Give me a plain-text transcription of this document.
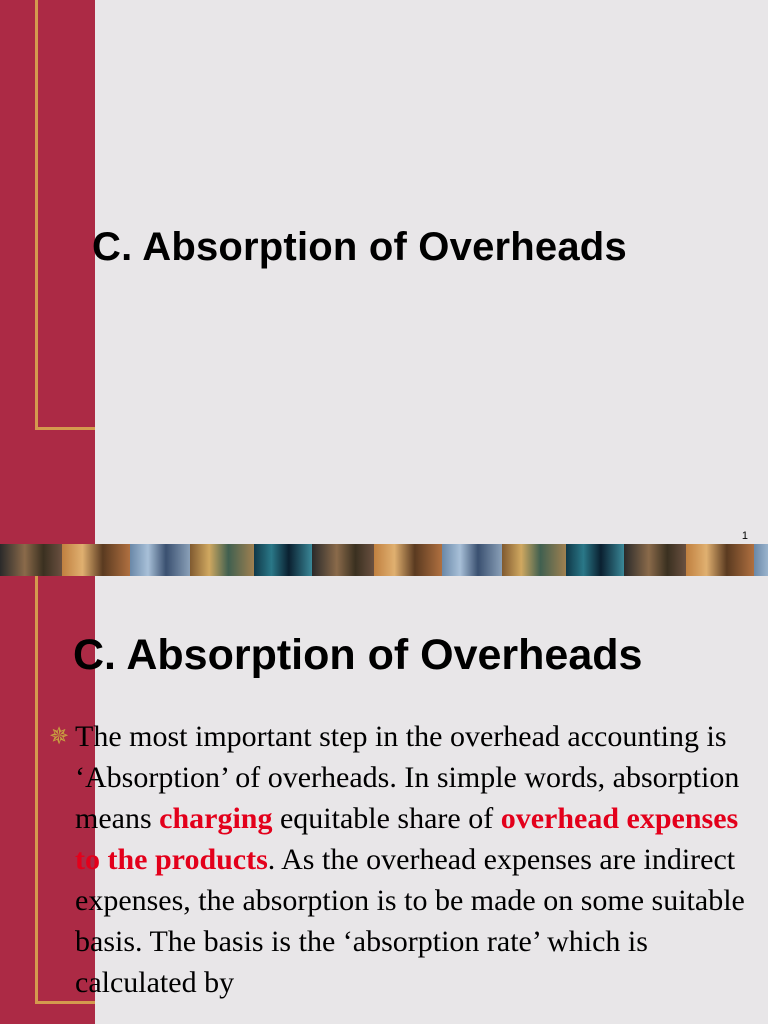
C. Absorption of Overheads
1
C. Absorption of Overheads
✵ The most important step in the overhead accounting is ‘Absorption’ of overheads. In simple words, absorption means charging equitable share of overhead expenses to the products. As the overhead expenses are indirect expenses, the absorption is to be made on some suitable basis. The basis is the ‘absorption rate’ which is calculated by
